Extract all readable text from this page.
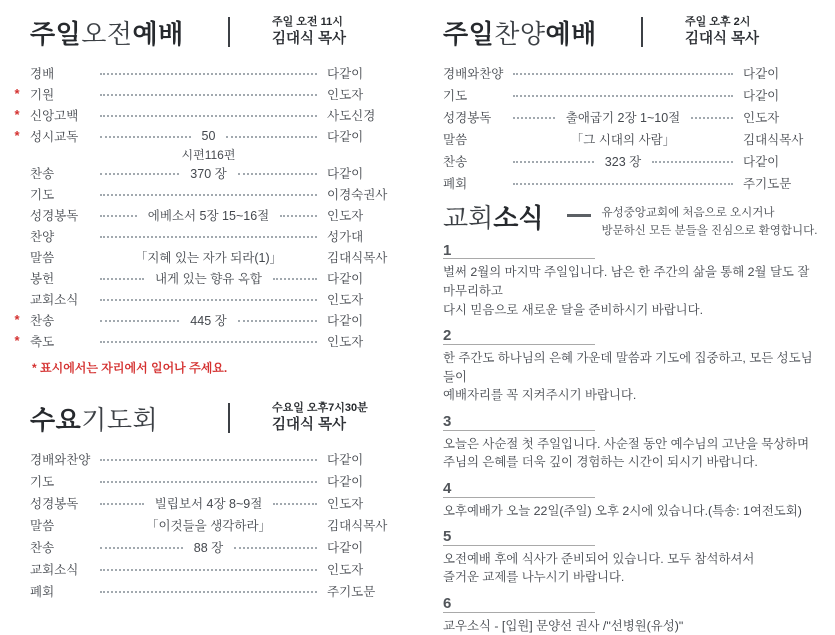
주일오전예배	주일 오전 11시
김대식 목사
경배	다같이
* 기원	인도자
* 신앙고백	사도신경
* 성시교독	50	다같이
시편116편
찬송	370 장	다같이
기도	이경숙권사
성경봉독	에베소서 5장 15~16절	인도자
찬양	성가대
말씀	「지혜 있는 자가 되라(1)」	김대식목사
봉헌	내게 있는 향유 옥합	다같이
교회소식	인도자
* 찬송	445 장	다같이
* 축도	인도자
* 표시에서는 자리에서 일어나 주세요.
수요기도회	수요일 오후7시30분
김대식 목사
경배와찬양	다같이
기도	다같이
성경봉독	빌립보서 4장 8~9절	인도자
말씀	「이것들을 생각하라」	김대식목사
찬송	88 장	다같이
교회소식	인도자
폐회	주기도문
주일찬양예배	주일 오후 2시
김대식 목사
경배와찬양	다같이
기도	다같이
성경봉독	출애굽기 2장 1~10절	인도자
말씀	「그 시대의 사람」	김대식목사
찬송	323 장	다같이
폐회	주기도문
교회소식	유성중앙교회에 처음으로 오시거나
방문하신 모든 분들을 진심으로 환영합니다.
1
벌써 2월의 마지막 주일입니다. 남은 한 주간의 삶을 통해 2월 달도 잘 마무리하고
다시 믿음으로 새로운 달을 준비하시기 바랍니다.
2
한 주간도 하나님의 은혜 가운데 말씀과 기도에 집중하고, 모든 성도님들이
예배자리를 꼭 지켜주시기 바랍니다.
3
오늘은 사순절 첫 주일입니다. 사순절 동안 예수님의 고난을 묵상하며
주님의 은혜를 더욱 깊이 경험하는 시간이 되시기 바랍니다.
4
오후예배가 오늘 22일(주일) 오후 2시에 있습니다.(특송: 1여전도회)
5
오전예배 후에 식사가 준비되어 있습니다. 모두 참석하셔서
즐거운 교제를 나누시기 바랍니다.
6
교우소식 - [입원] 문양선 권사 /"선병원(유성)"
